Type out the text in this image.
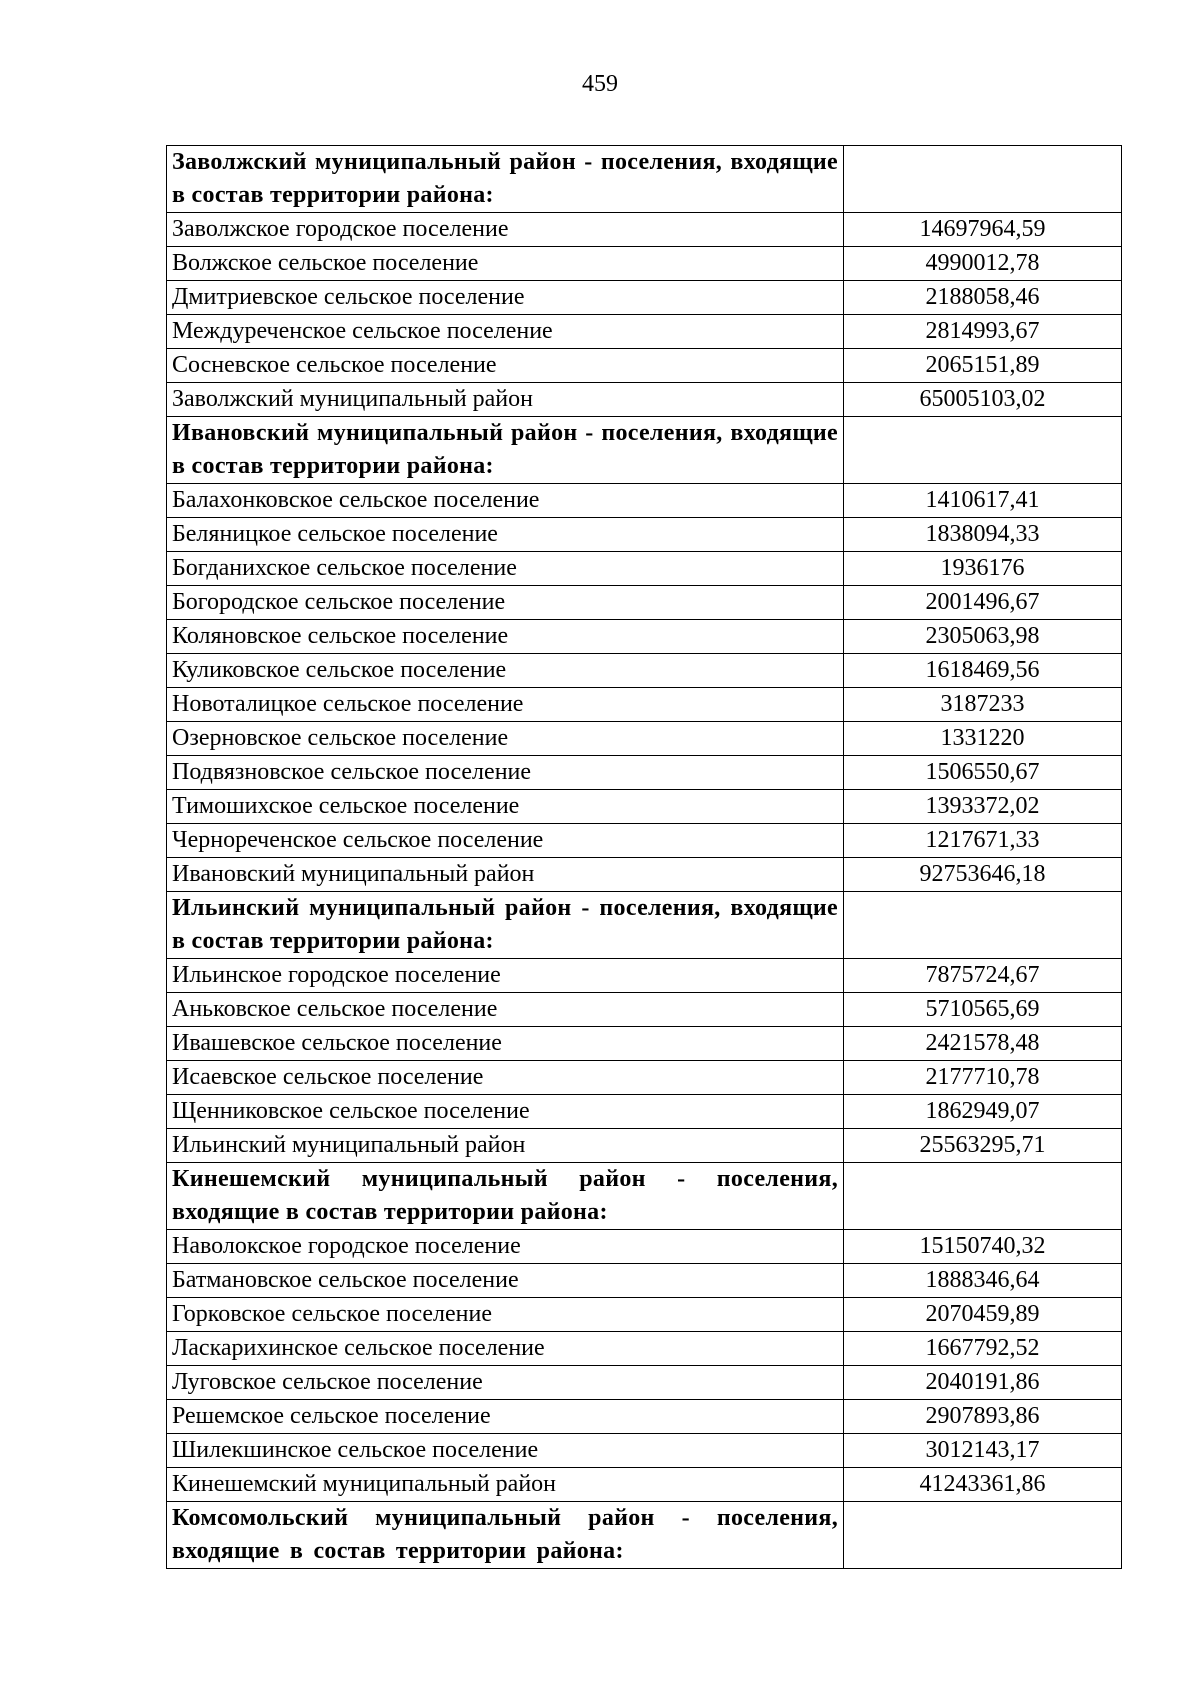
459
Заволжский муниципальный район - поселения, входящие в состав территории района:	
Заволжское городское поселение	14697964,59
Волжское сельское поселение	4990012,78
Дмитриевское сельское поселение	2188058,46
Междуреченское сельское поселение	2814993,67
Сосневское сельское поселение	2065151,89
Заволжский муниципальный район	65005103,02
Ивановский муниципальный район - поселения, входящие в состав территории района:	
Балахонковское сельское поселение	1410617,41
Беляницкое сельское поселение	1838094,33
Богданихское сельское поселение	1936176
Богородское сельское поселение	2001496,67
Коляновское сельское поселение	2305063,98
Куликовское сельское поселение	1618469,56
Новоталицкое сельское поселение	3187233
Озерновское сельское поселение	1331220
Подвязновское сельское поселение	1506550,67
Тимошихское сельское поселение	1393372,02
Чернореченское сельское поселение	1217671,33
Ивановский муниципальный район	92753646,18
Ильинский муниципальный район - поселения, входящие в состав территории района:	
Ильинское городское поселение	7875724,67
Аньковское сельское поселение	5710565,69
Ивашевское сельское поселение	2421578,48
Исаевское сельское поселение	2177710,78
Щенниковское сельское поселение	1862949,07
Ильинский муниципальный район	25563295,71
Кинешемский муниципальный район - поселения, входящие в состав территории района:	
Наволокское городское поселение	15150740,32
Батмановское сельское поселение	1888346,64
Горковское сельское поселение	2070459,89
Ласкарихинское сельское поселение	1667792,52
Луговское сельское поселение	2040191,86
Решемское сельское поселение	2907893,86
Шилекшинское сельское поселение	3012143,17
Кинешемский муниципальный район	41243361,86
Комсомольский муниципальный район - поселения, входящие в состав территории района:	
